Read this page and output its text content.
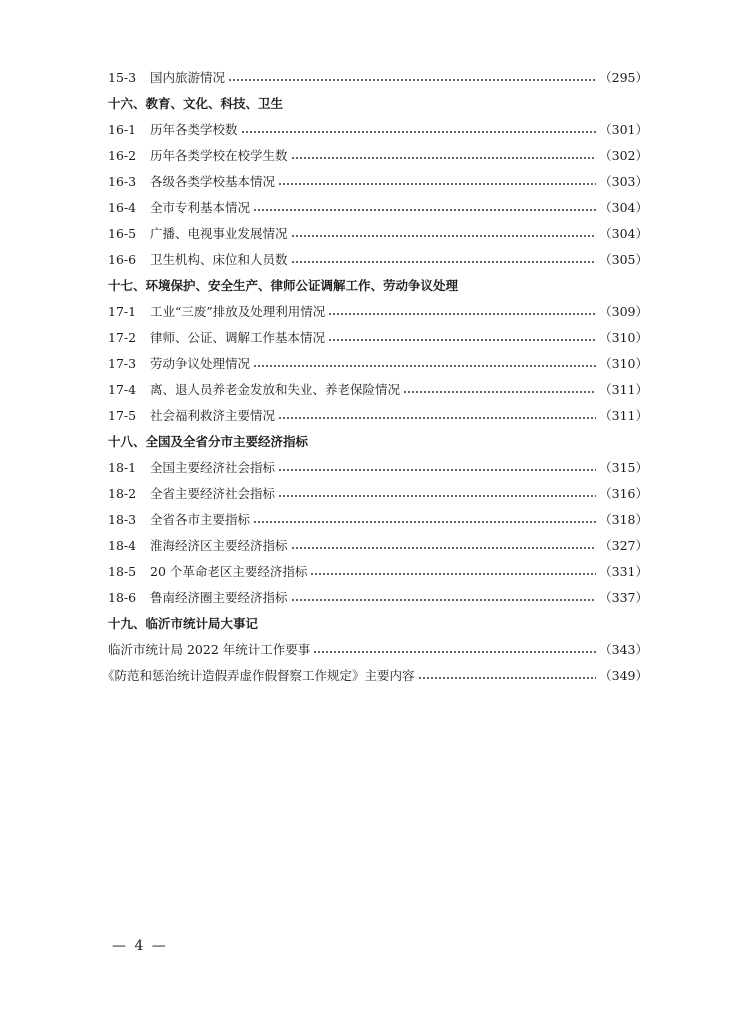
15-3	国内旅游情况	（295）
十六、教育、文化、科技、卫生
16-1	历年各类学校数	（301）
16-2	历年各类学校在校学生数	（302）
16-3	各级各类学校基本情况	（303）
16-4	全市专利基本情况	（304）
16-5	广播、电视事业发展情况	（304）
16-6	卫生机构、床位和人员数	（305）
十七、环境保护、安全生产、律师公证调解工作、劳动争议处理
17-1	工业“三废”排放及处理利用情况	（309）
17-2	律师、公证、调解工作基本情况	（310）
17-3	劳动争议处理情况	（310）
17-4	离、退人员养老金发放和失业、养老保险情况	（311）
17-5	社会福利救济主要情况	（311）
十八、全国及全省分市主要经济指标
18-1	全国主要经济社会指标	（315）
18-2	全省主要经济社会指标	（316）
18-3	全省各市主要指标	（318）
18-4	淮海经济区主要经济指标	（327）
18-5	20 个革命老区主要经济指标	（331）
18-6	鲁南经济圈主要经济指标	（337）
十九、临沂市统计局大事记
临沂市统计局 2022 年统计工作要事	（343）
《防范和惩治统计造假弄虚作假督察工作规定》主要内容	（349）
— 4 —
